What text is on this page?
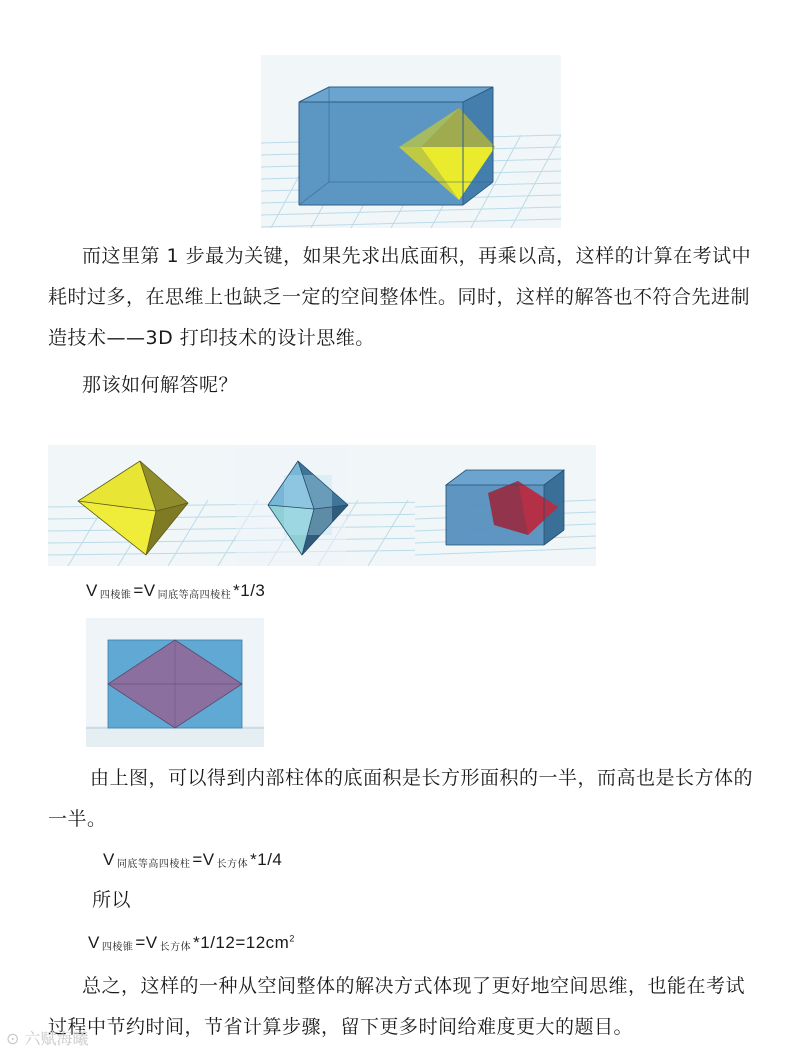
而这里第 1 步最为关键，如果先求出底面积，再乘以高，这样的计算在考试中耗时过多，在思维上也缺乏一定的空间整体性。同时，这样的解答也不符合先进制造技术——3D 打印技术的设计思维。
那该如何解答呢？
V $_{四棱锥}$ =V $_{同底等高四棱柱}$ *1/3
由上图，可以得到内部柱体的底面积是长方形面积的一半，而高也是长方体的一半。
V $_{同底等高四棱柱}$ =V $_{长方体}$ *1/4
所以
V $_{四棱锥}$ =V $_{长方体}$ $*1/12=12cm^2$
总之，这样的一种从空间整体的解决方式体现了更好地空间思维，也能在考试过程中节约时间，节省计算步骤，留下更多时间给难度更大的题目。
⊙ 六赋海曦
